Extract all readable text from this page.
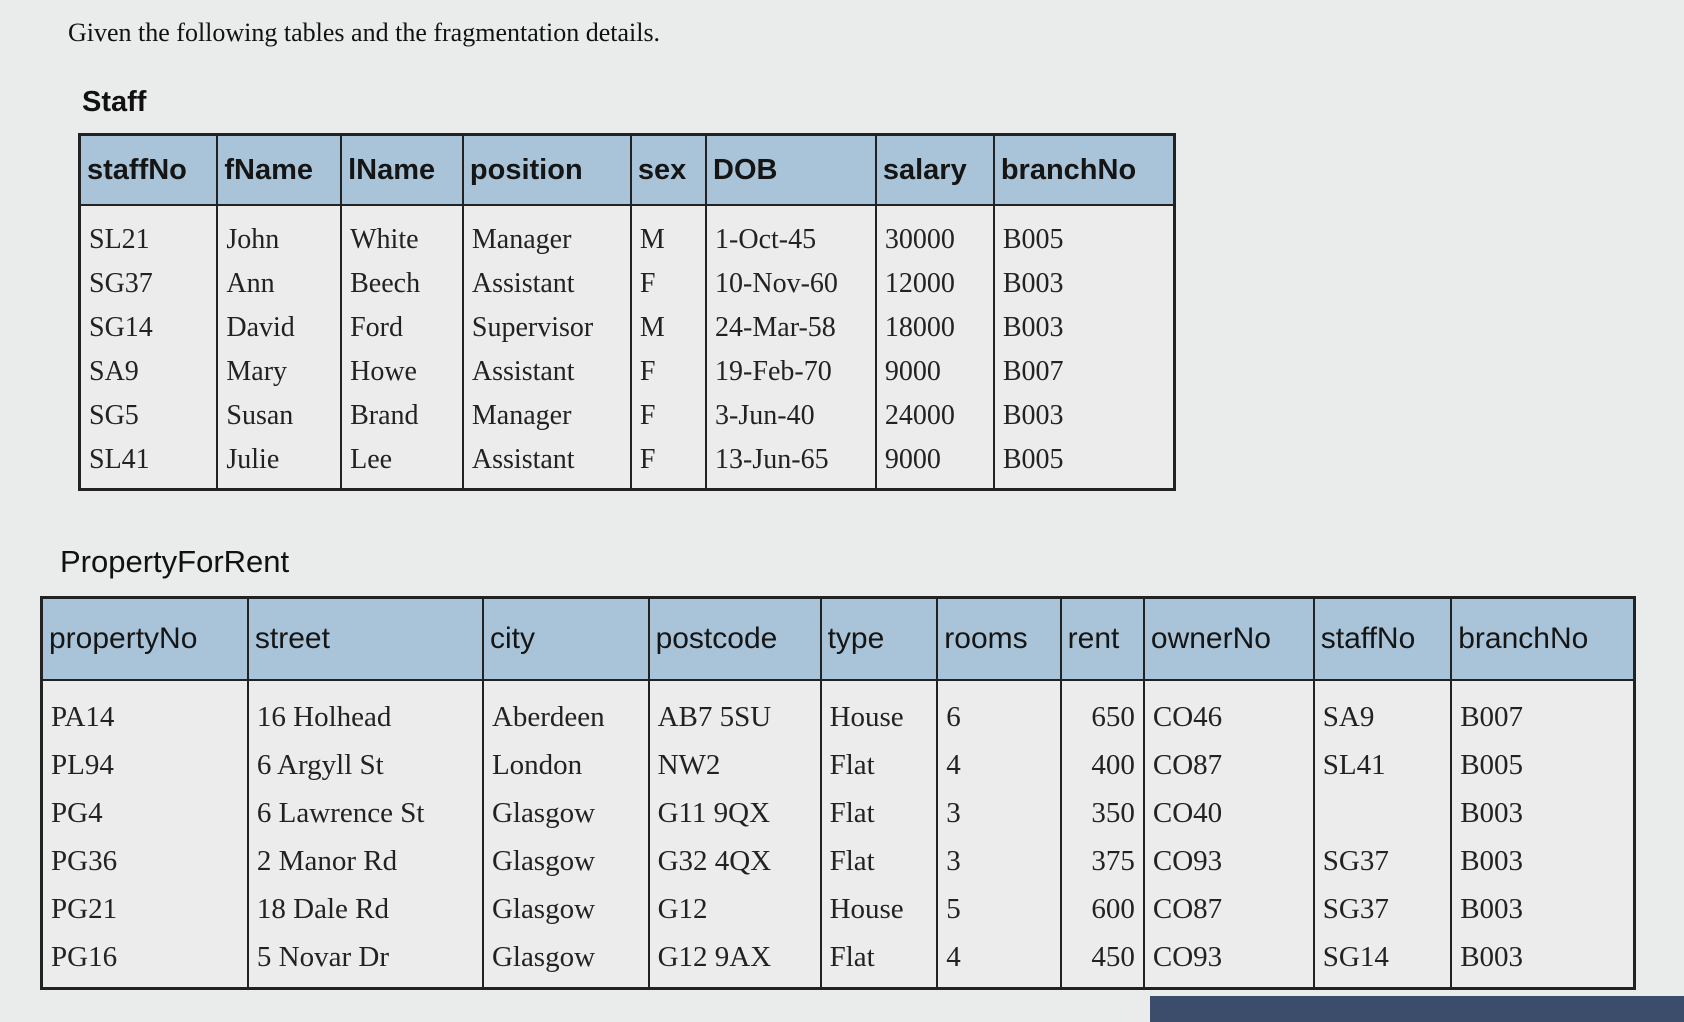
Given the following tables and the fragmentation details.
Staff
staffNo	fName	lName	position	sex	DOB	salary	branchNo
SL21	John	White	Manager	M	1-Oct-45	30000	B005
SG37	Ann	Beech	Assistant	F	10-Nov-60	12000	B003
SG14	David	Ford	Supervisor	M	24-Mar-58	18000	B003
SA9	Mary	Howe	Assistant	F	19-Feb-70	9000	B007
SG5	Susan	Brand	Manager	F	3-Jun-40	24000	B003
SL41	Julie	Lee	Assistant	F	13-Jun-65	9000	B005
PropertyForRent
propertyNo	street	city	postcode	type	rooms	rent	ownerNo	staffNo	branchNo
PA14	16 Holhead	Aberdeen	AB7 5SU	House	6	650	CO46	SA9	B007
PL94	6 Argyll St	London	NW2	Flat	4	400	CO87	SL41	B005
PG4	6 Lawrence St	Glasgow	G11 9QX	Flat	3	350	CO40		B003
PG36	2 Manor Rd	Glasgow	G32 4QX	Flat	3	375	CO93	SG37	B003
PG21	18 Dale Rd	Glasgow	G12	House	5	600	CO87	SG37	B003
PG16	5 Novar Dr	Glasgow	G12 9AX	Flat	4	450	CO93	SG14	B003
